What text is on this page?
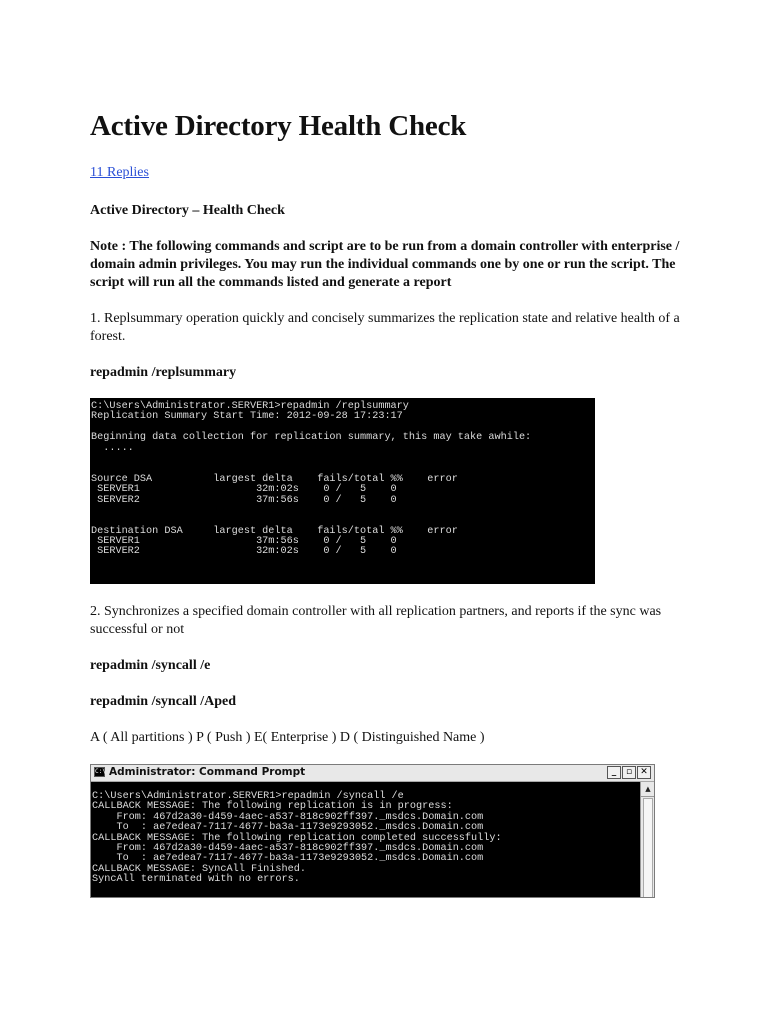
Active Directory Health Check
11 Replies

Active Directory – Health Check

Note : The following commands and script are to be run from a domain controller with enterprise / domain admin privileges. You may run the individual commands one by one or run the script. The script will run all the commands listed and generate a report

1. Replsummary operation quickly and concisely summarizes the replication state and relative health of a forest.

repadmin /replsummary

C:\Users\Administrator.SERVER1>repadmin /replsummary
Replication Summary Start Time: 2012-09-28 17:23:17
Beginning data collection for replication summary, this may take awhile:
.....
Source DSA          largest delta    fails/total %%    error
SERVER1                   32m:02s    0 /   5    0
SERVER2                   37m:56s    0 /   5    0
Destination DSA     largest delta    fails/total %%    error
SERVER1                   37m:56s    0 /   5    0
SERVER2                   32m:02s    0 /   5    0

2. Synchronizes a specified domain controller with all replication partners, and reports if the sync was successful or not

repadmin /syncall /e

repadmin /syncall /Aped

A ( All partitions ) P ( Push ) E( Enterprise ) D ( Distinguished Name )

C:\ Administrator: Command Prompt	_	▫ ✕
C:\Users\Administrator.SERVER1>repadmin /syncall /e
CALLBACK MESSAGE: The following replication is in progress:
From: 467d2a30-d459-4aec-a537-818c902ff397._msdcs.Domain.com
To  : ae7edea7-7117-4677-ba3a-1173e9293052._msdcs.Domain.com
CALLBACK MESSAGE: The following replication completed successfully:
From: 467d2a30-d459-4aec-a537-818c902ff397._msdcs.Domain.com
To  : ae7edea7-7117-4677-ba3a-1173e9293052._msdcs.Domain.com
CALLBACK MESSAGE: SyncAll Finished.
SyncAll terminated with no errors.
▲
